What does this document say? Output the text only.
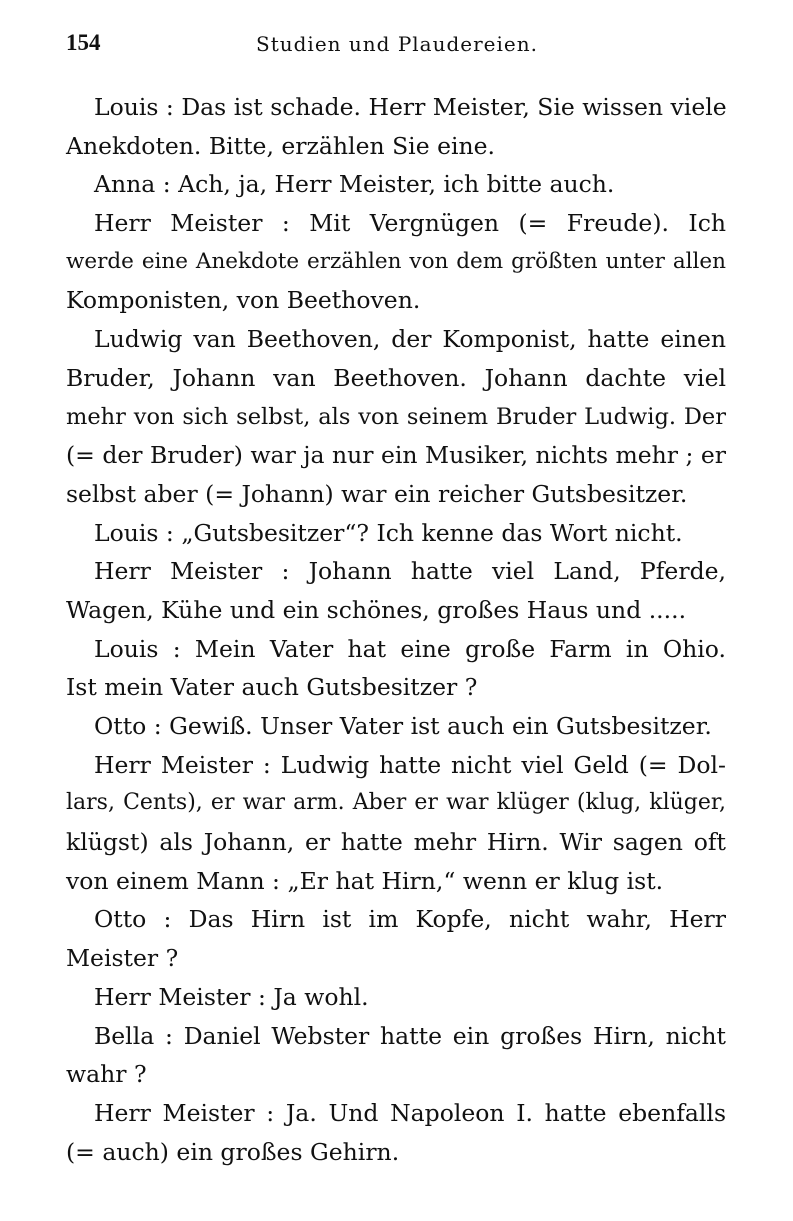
154	Studien und Plaudereien.
Louis : Das ist schade. Herr Meister, Sie wissen viele
Anekdoten. Bitte, erzählen Sie eine.
Anna : Ach, ja, Herr Meister, ich bitte auch.
Herr Meister : Mit Vergnügen (= Freude). Ich
werde eine Anekdote erzählen von dem größten unter allen
Komponisten, von Beethoven.
Ludwig van Beethoven, der Komponist, hatte einen
Bruder, Johann van Beethoven. Johann dachte viel
mehr von sich selbst, als von seinem Bruder Ludwig. Der
(= der Bruder) war ja nur ein Musiker, nichts mehr ; er
selbst aber (= Johann) war ein reicher Gutsbesitzer.
Louis : „Gutsbesitzer“? Ich kenne das Wort nicht.
Herr Meister : Johann hatte viel Land, Pferde,
Wagen, Kühe und ein schönes, großes Haus und .....
Louis : Mein Vater hat eine große Farm in Ohio.
Ist mein Vater auch Gutsbesitzer ?
Otto : Gewiß. Unser Vater ist auch ein Gutsbesitzer.
Herr Meister : Ludwig hatte nicht viel Geld (= Dol-
lars, Cents), er war arm. Aber er war klüger (klug, klüger,
klügst) als Johann, er hatte mehr Hirn. Wir sagen oft
von einem Mann : „Er hat Hirn,“ wenn er klug ist.
Otto : Das Hirn ist im Kopfe, nicht wahr, Herr
Meister ?
Herr Meister : Ja wohl.
Bella : Daniel Webster hatte ein großes Hirn, nicht
wahr ?
Herr Meister : Ja. Und Napoleon I. hatte ebenfalls
(= auch) ein großes Gehirn.
